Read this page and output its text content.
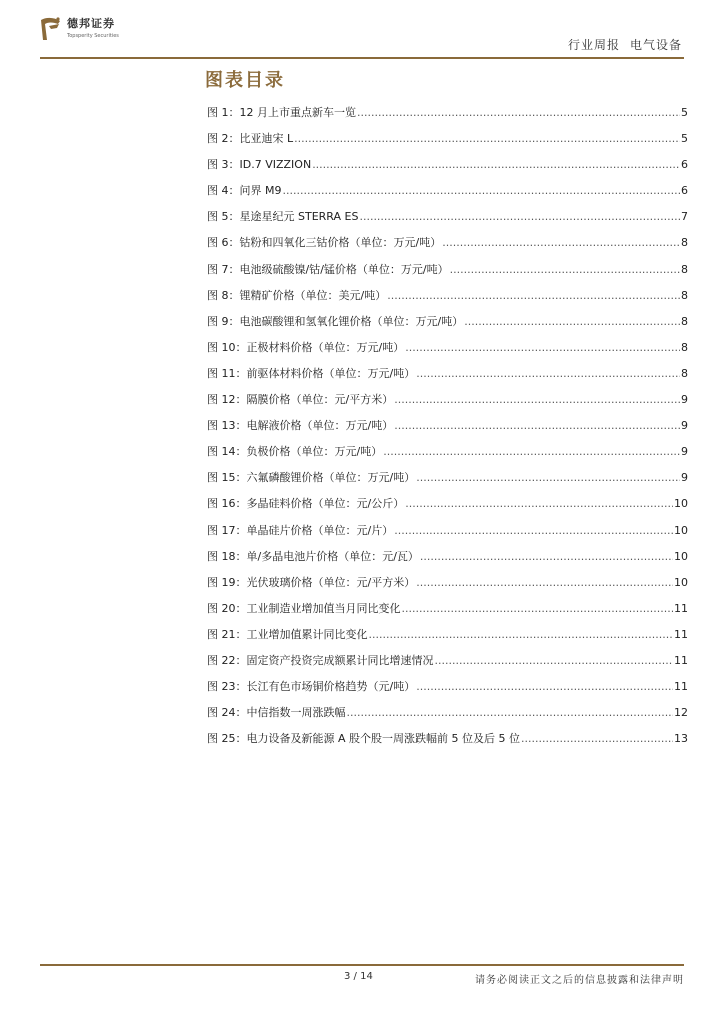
德邦证券
Topsperity Securities
行业周报 电气设备
图表目录
图 1： 12 月上市重点新车一览 .....	5
图 2： 比亚迪宋 L .....	5
图 3： ID.7 VIZZION .....	6
图 4： 问界 M9 .....	6
图 5： 星途星纪元 STERRA ES .....	7
图 6： 钴粉和四氧化三钴价格（单位：万元/吨） .....	8
图 7： 电池级硫酸镍/钴/锰价格（单位：万元/吨） .....	8
图 8： 锂精矿价格（单位：美元/吨） .....	8
图 9： 电池碳酸锂和氢氧化锂价格（单位：万元/吨） .....	8
图 10： 正极材料价格（单位：万元/吨） .....	8
图 11： 前驱体材料价格（单位：万元/吨） .....	8
图 12： 隔膜价格（单位：元/平方米） .....	9
图 13： 电解液价格（单位：万元/吨） .....	9
图 14： 负极价格（单位：万元/吨） .....	9
图 15： 六氟磷酸锂价格（单位：万元/吨） .....	9
图 16： 多晶硅料价格（单位：元/公斤） .....	10
图 17： 单晶硅片价格（单位：元/片） .....	10
图 18： 单/多晶电池片价格（单位：元/瓦） .....	10
图 19： 光伏玻璃价格（单位：元/平方米） .....	10
图 20： 工业制造业增加值当月同比变化 .....	11
图 21： 工业增加值累计同比变化 .....	11
图 22： 固定资产投资完成额累计同比增速情况 .....	11
图 23： 长江有色市场铜价格趋势（元/吨） .....	11
图 24： 中信指数一周涨跌幅 .....	12
图 25： 电力设备及新能源 A 股个股一周涨跌幅前 5 位及后 5 位 .....	13
3 / 14	请务必阅读正文之后的信息披露和法律声明
